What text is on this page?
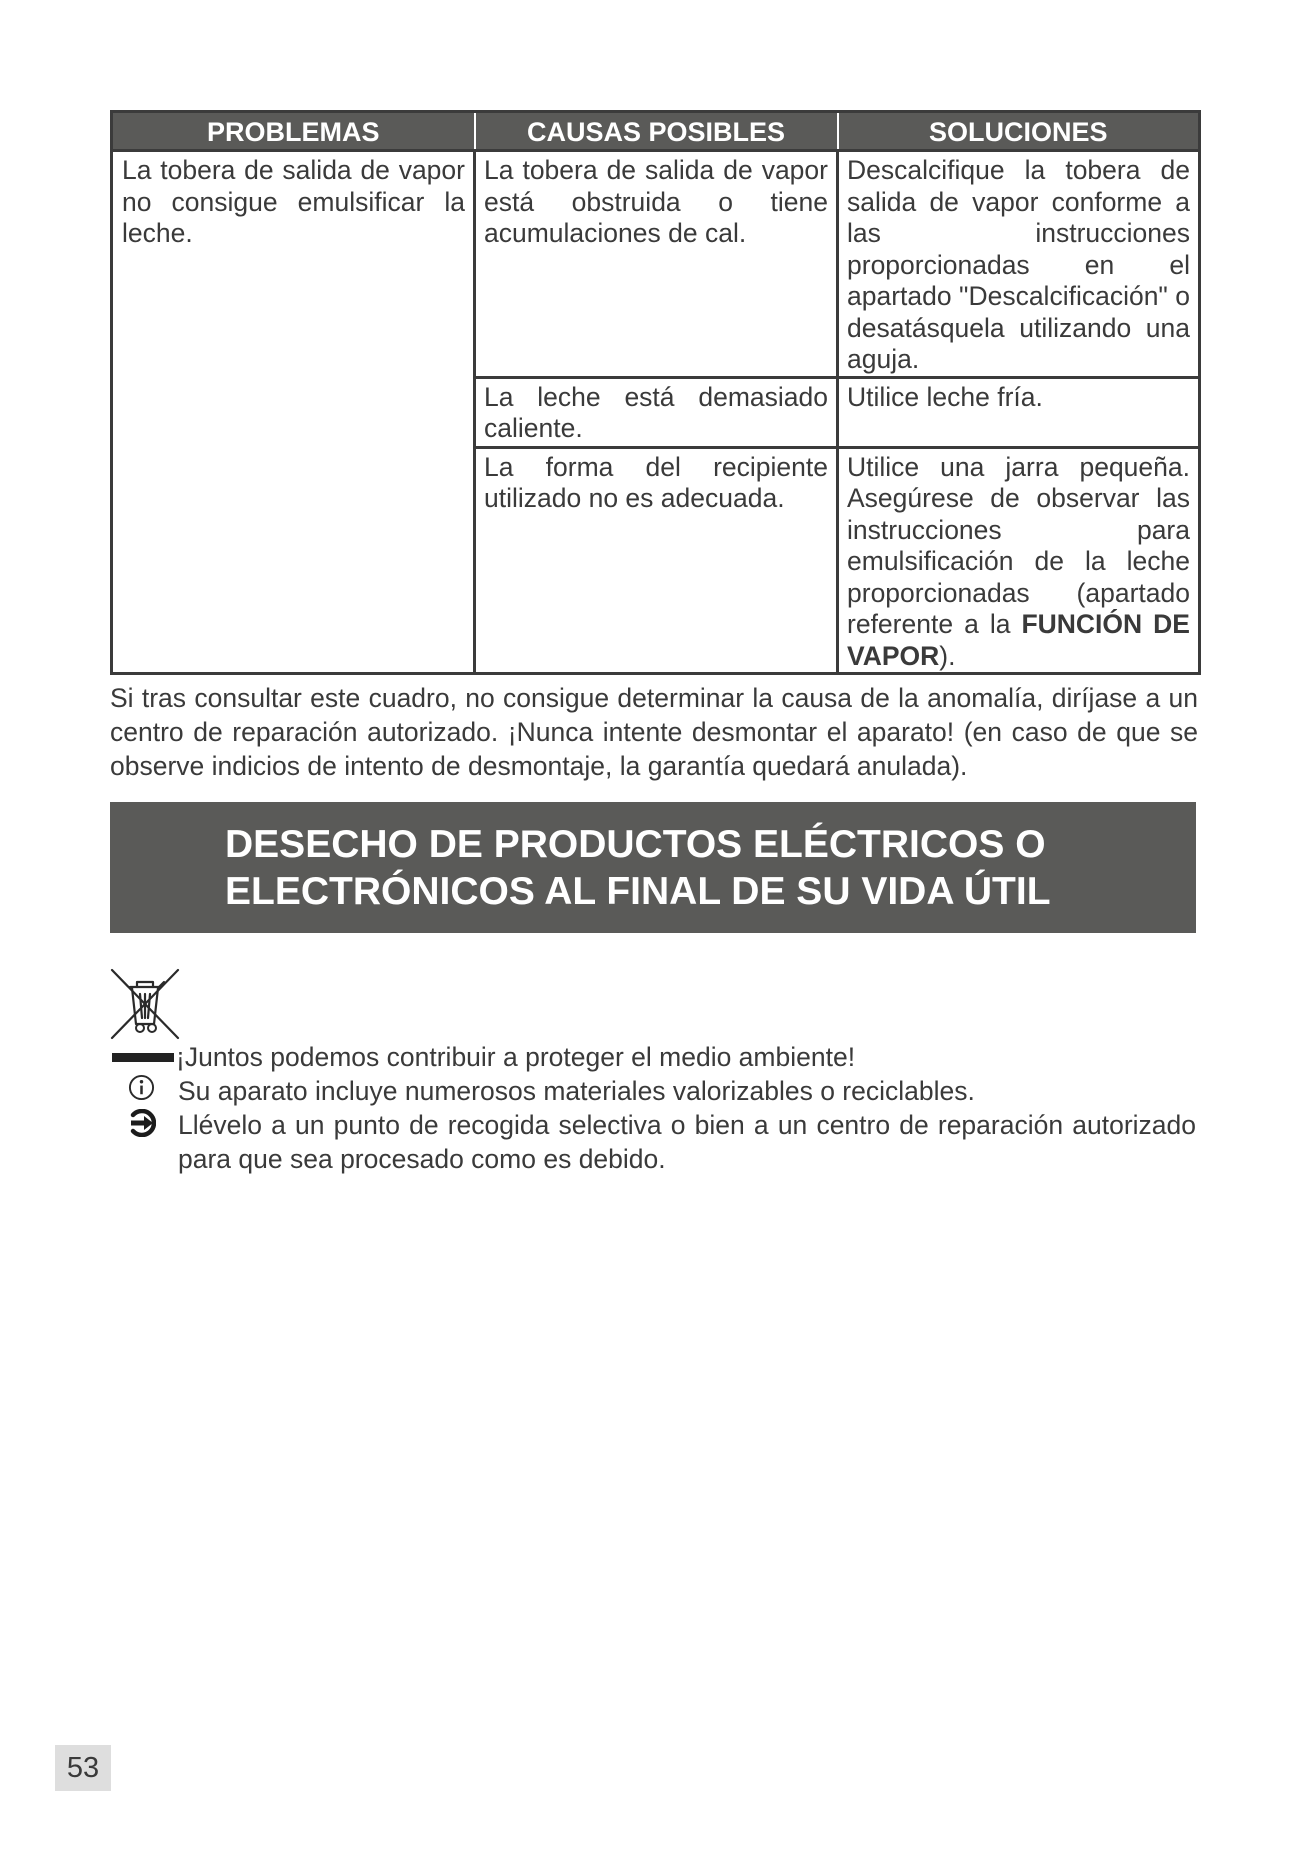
PROBLEMAS	CAUSAS POSIBLES	SOLUCIONES
La tobera de salida de vapor no consigue emulsificar la leche.	La tobera de salida de vapor está obstruida o tiene acumulaciones de cal.	Descalcifique la tobera de salida de vapor conforme a las instrucciones proporcionadas en el apartado "Descalcificación" o desatásquela utilizando una aguja.
	La leche está demasiado caliente.	Utilice leche fría.
	La forma del recipiente utilizado no es adecuada.	Utilice una jarra pequeña. Asegúrese de observar las instrucciones para emulsificación de la leche proporcionadas (apartado referente a la FUNCIÓN DE VAPOR).

Si tras consultar este cuadro, no consigue determinar la causa de la anomalía, diríjase a un centro de reparación autorizado. ¡Nunca intente desmontar el aparato! (en caso de que se observe indicios de intento de desmontaje, la garantía quedará anulada).

DESECHO DE PRODUCTOS ELÉCTRICOS O
ELECTRÓNICOS AL FINAL DE SU VIDA ÚTIL

¡Juntos podemos contribuir a proteger el medio ambiente!

Su aparato incluye numerosos materiales valorizables o reciclables.

Llévelo a un punto de recogida selectiva o bien a un centro de reparación autorizado para que sea procesado como es debido.

53
